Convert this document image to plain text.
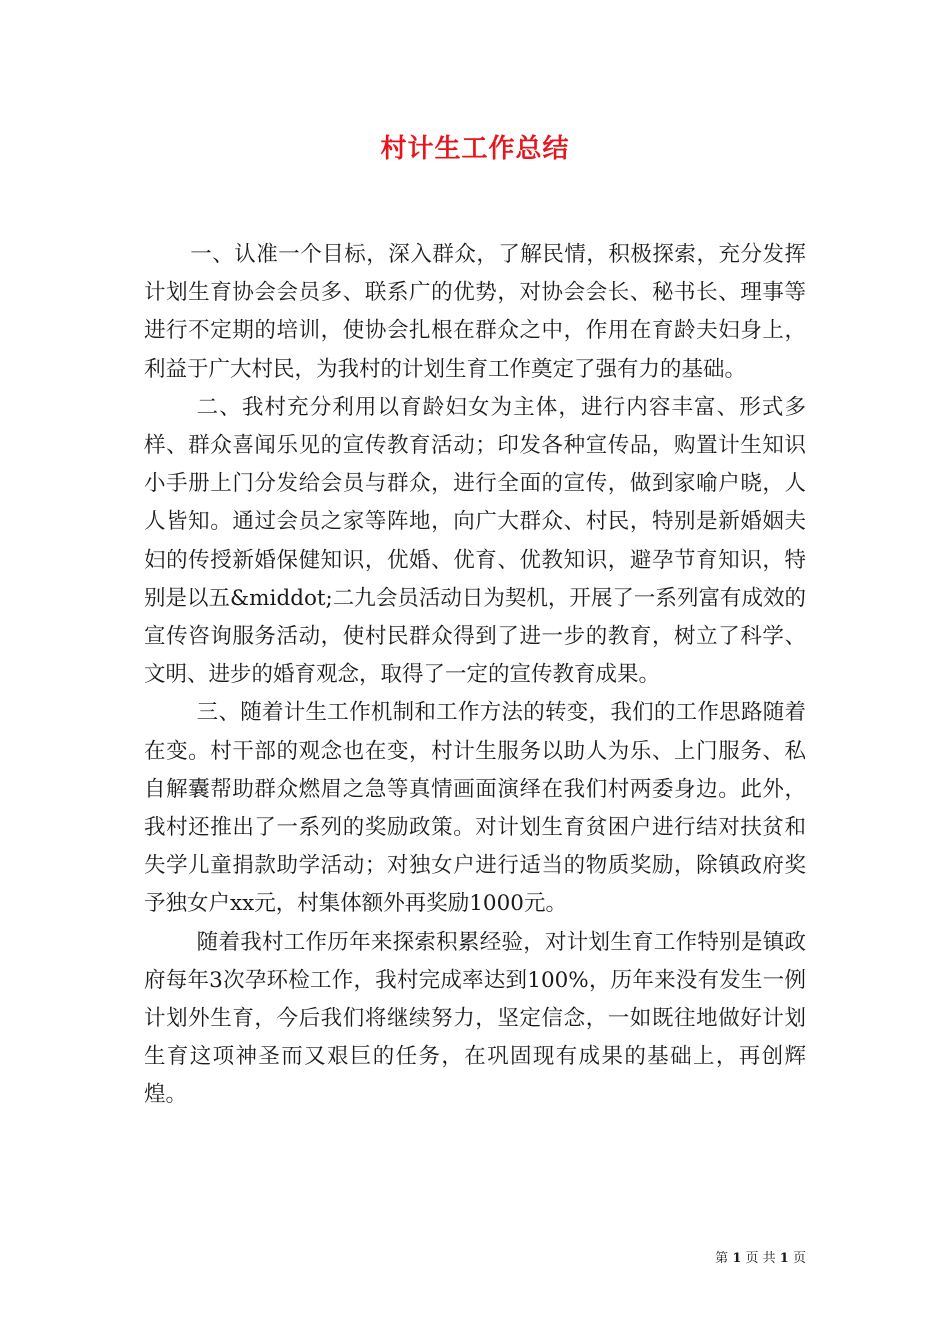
村计生工作总结

一、认准一个目标，深入群众，了解民情，积极探索，充分发挥计划生育协会会员多、联系广的优势，对协会会长、秘书长、理事等进行不定期的培训，使协会扎根在群众之中，作用在育龄夫妇身上，利益于广大村民，为我村的计划生育工作奠定了强有力的基础。

二、我村充分利用以育龄妇女为主体，进行内容丰富、形式多样、群众喜闻乐见的宣传教育活动；印发各种宣传品，购置计生知识小手册上门分发给会员与群众，进行全面的宣传，做到家喻户晓，人人皆知。通过会员之家等阵地，向广大群众、村民，特别是新婚姻夫妇的传授新婚保健知识，优婚、优育、优教知识，避孕节育知识，特别是以五&middot;二九会员活动日为契机，开展了一系列富有成效的宣传咨询服务活动，使村民群众得到了进一步的教育，树立了科学、文明、进步的婚育观念，取得了一定的宣传教育成果。

三、随着计生工作机制和工作方法的转变，我们的工作思路随着在变。村干部的观念也在变，村计生服务以助人为乐、上门服务、私自解囊帮助群众燃眉之急等真情画面演绎在我们村两委身边。此外，我村还推出了一系列的奖励政策。对计划生育贫困户进行结对扶贫和失学儿童捐款助学活动；对独女户进行适当的物质奖励，除镇政府奖予独女户xx元，村集体额外再奖励1000元。

随着我村工作历年来探索积累经验，对计划生育工作特别是镇政府每年3次孕环检工作，我村完成率达到100%，历年来没有发生一例计划外生育，今后我们将继续努力，坚定信念，一如既往地做好计划生育这项神圣而又艰巨的任务，在巩固现有成果的基础上，再创辉煌。

第 1 页 共 1 页
